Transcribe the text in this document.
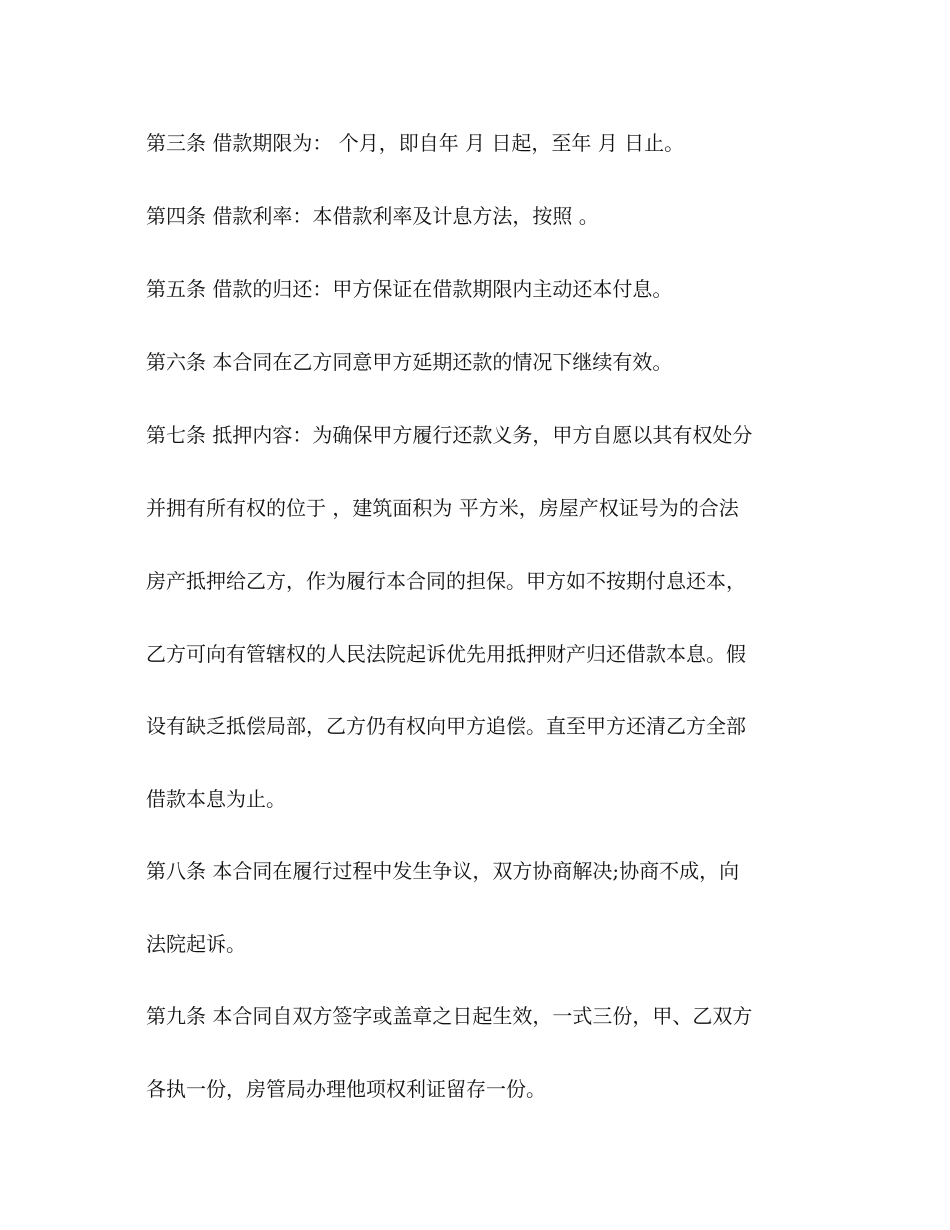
第三条 借款期限为： 个月，即自年 月 日起，至年 月 日止。

第四条 借款利率：本借款利率及计息方法，按照 。

第五条 借款的归还：甲方保证在借款期限内主动还本付息。

第六条 本合同在乙方同意甲方延期还款的情况下继续有效。

第七条 抵押内容：为确保甲方履行还款义务，甲方自愿以其有权处分

并拥有所有权的位于 ，建筑面积为 平方米，房屋产权证号为的合法

房产抵押给乙方，作为履行本合同的担保。甲方如不按期付息还本，

乙方可向有管辖权的人民法院起诉优先用抵押财产归还借款本息。假

设有缺乏抵偿局部，乙方仍有权向甲方追偿。直至甲方还清乙方全部

借款本息为止。

第八条 本合同在履行过程中发生争议，双方协商解决;协商不成，向

法院起诉。

第九条 本合同自双方签字或盖章之日起生效，一式三份，甲、乙双方

各执一份，房管局办理他项权利证留存一份。
